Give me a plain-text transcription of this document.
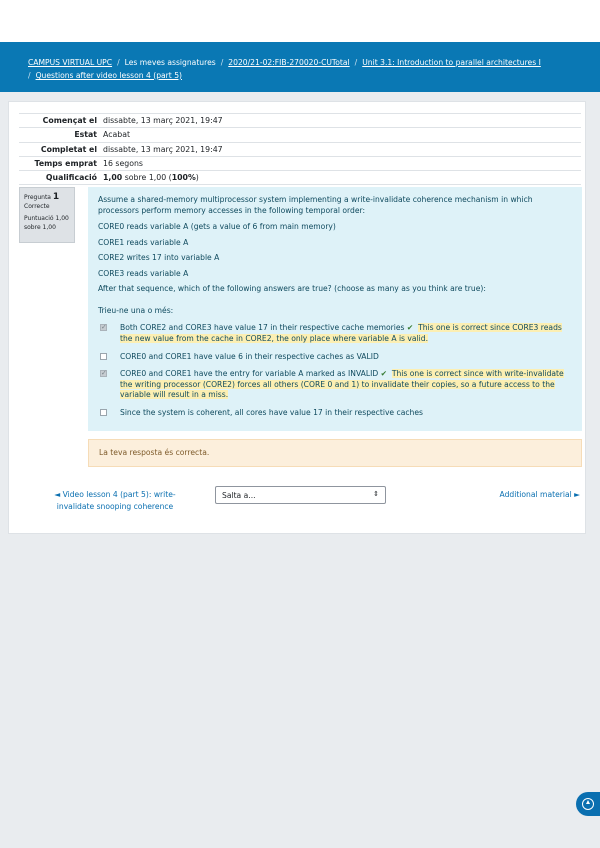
CAMPUS VIRTUAL UPC / Les meves assignatures / 2020/21-02:FIB-270020-CUTotal / Unit 3.1: Introduction to parallel architectures I
/ Questions after video lesson 4 (part 5)
Començat el	dissabte, 13 març 2021, 19:47
Estat	Acabat
Completat el	dissabte, 13 març 2021, 19:47
Temps emprat	16 segons
Qualificació	1,00 sobre 1,00 (100%)
Pregunta 1
Correcte
Puntuació 1,00 sobre 1,00

Assume a shared-memory multiprocessor system implementing a write-invalidate coherence mechanism in which processors perform memory accesses in the following temporal order:

CORE0 reads variable A (gets a value of 6 from main memory)

CORE1 reads variable A

CORE2 writes 17 into variable A

CORE3 reads variable A

After that sequence, which of the following answers are true? (choose as many as you think are true):

Trieu-ne una o més:

✓
Both CORE2 and CORE3 have value 17 in their respective cache memories ✔ This one is correct since CORE3 reads the new value from the cache in CORE2, the only place where variable A is valid.
CORE0 and CORE1 have value 6 in their respective caches as VALID
✓
CORE0 and CORE1 have the entry for variable A marked as INVALID ✔ This one is correct since with write-invalidate the writing processor (CORE2) forces all others (CORE 0 and 1) to invalidate their copies, so a future access to the variable will result in a miss.
Since the system is coherent, all cores have value 17 in their respective caches
La teva resposta és correcta.
◄ Video lesson 4 (part 5): write-invalidate snooping coherence
Salta a...	⇕	Additional material ►
